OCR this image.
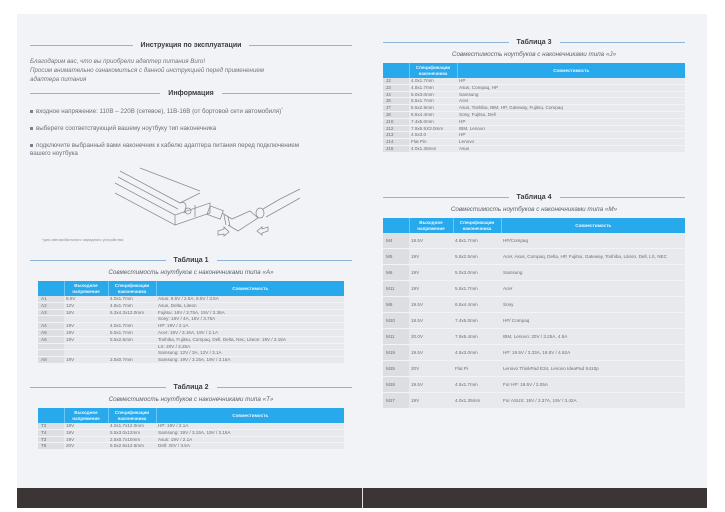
Инструкция по эксплуатации
Благодарим вас, что вы приобрели адаптер питания Buro!
Просим внимательно ознакомиться с данной инструкцией перед применением
адаптера питания
Информация
входное напряжение: 110В – 220В (сетевое), 11В-16В (от бортовой сети автомобиля)*
выберете соответствующий вашему ноутбуку тип наконечника
подключите выбранный вами наконечник к кабелю адаптера питания перед подключением вашего ноутбука
*для автомобильного зарядного устройства
Таблица 1
Совместимость ноутбуков с наконечниками типа «А»
	Выходное напряжение	Спецификации наконечника	Совместимость
A1	9.5V	4.0х1.7mm	Asus: 9.5V / 2.5A, 9.5V / 3.5A
A2	12V	4.8х1.7mm	Asus, Delta, Liteon
A3	16V	6.3х4.3х12.0mm	Fujitsu: 16V / 3.75A, 15V / 3.36A
			Sony: 16V / 4A, 16V / 3.75A
A4	19V	4.0х1.7mm	HP: 19V / 2.1A
A5	19V	5.5х1.7mm	Acer: 19V / 3.16A, 19V / 2.1A
A6	19V	5.5х2.5mm	Toshiba, Fujitsu, Compaq, Dell, Delta, Nec, Liteon: 19V / 3.16A
			LS: 20V / 3.25A
			Samsung: 12V / 3A, 12V / 3.1A
A8	19V	2.5х0.7mm	Samsung: 19V / 3.15A, 19V / 3.16A
Таблица 2
Совместимость ноутбуков с наконечниками типа «T»
	Выходное напряжение	Спецификации наконечника	Совместимость
T2	19V	4.0х1.7х12.0mm	HP: 19V / 2.1A
T4	19V	5.5х3.0х12mm	Samsung: 19V / 3.15A, 19V / 3.16A
T3	19V	2.5х0.7х10mm	Asus: 19V / 2.1A
T6	20V	5.5х2.5х12.5mm	Dell: 20V / 3.5A
Таблица 3
Совместимость ноутбуков с наконечниками типа «J»
	Спецификации наконечника	Совместимость
J2	4.0х1.7mm	HP
J3	4.8х1.7mm	Asus, Compaq, HP
J4	5.0х3.0mm	Samsung
J6	5.5х1.7mm	Acer
J7	5.5х2.5mm	Asus, Toshiba, IBM, HP, Gateway, Fujitsu, Compaq
J8	6.5х4.4mm	Sony, Fujitsu, Dell
J10	7.4х5.0mm	HP
J12	7.9х5.5Х3.0mm	IBM, Lenovo
J13	4.5х3.0	HP
J14	Flat Pin	Lenovo
J15	4.0х1.35mm	Asus
Таблица 4
Совместимость ноутбуков с наконечниками типа «M»
	Выходное напряжение	Спецификации наконечника	Совместимость
M4	18.5V	4.8х1.7mm	HP/Compaq
M5	19V	5.5х2.5mm	Acer, Asus, Compaq, Delta, HP, Fujitsu, Gateway, Toshiba, Liteon, Dell, LS, NEC
M6	19V	5.0х3.0mm	Samsung
M11	19V	5.5х1.7mm	Acer
M8	19.5V	6.5х4.4mm	Sony
M20	18.5V	7.4х5.0mm	HP/ Compaq
M11	20.0V	7.9х5.4mm	IBM, Lenovo: 20V / 3.25A, 4.5A
M19	19.5V	4.5х3.0mm	HP: 19.5V / 3.33A, 19.5V / 4.62A
M25	20V	Flat Pi	Lenovo ThinkPad E34, Lenovo IdeaPad S410p
M28	19.5V	4.5х1.7mm	For HP: 19.5V / 2.05A
M27	19V	4.0х1.35mm	For ASUS: 19V / 2.37A, 19V / 3.42A
